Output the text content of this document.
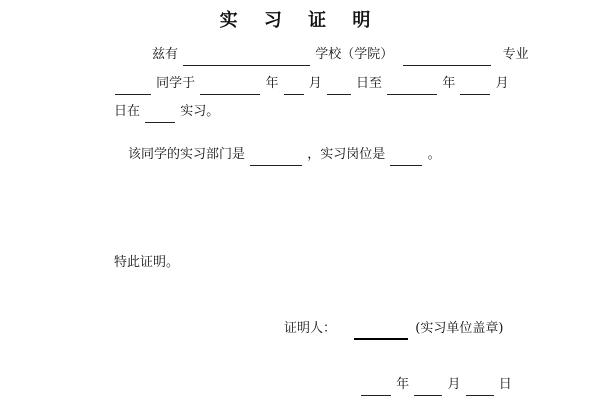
实 习 证 明
兹有	学校（学院）	专业
同学于	年 月	日至	年	月
日在	实习。
该同学的实习部门是	，实习岗位是	。
特此证明。
证明人：	(实习单位盖章)
年	月	日
